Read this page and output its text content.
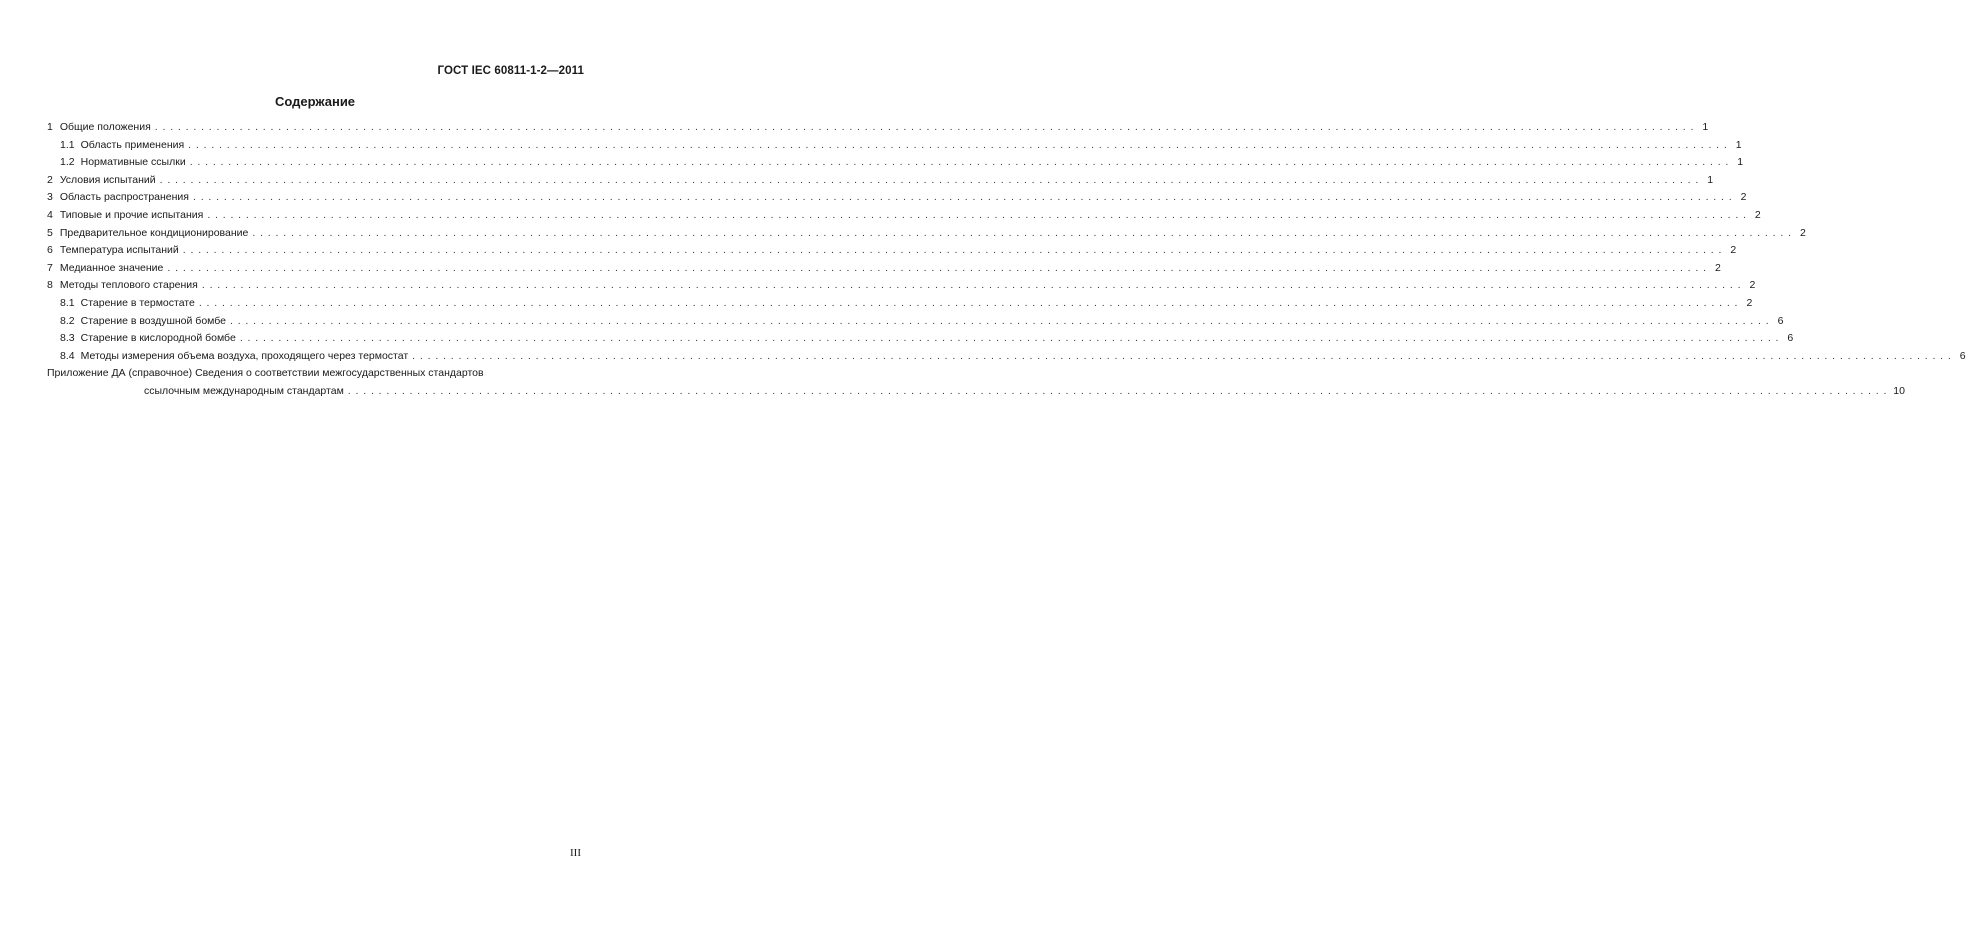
ГОСТ IEC 60811-1-2—2011
Содержание
1 Общие положения ........................................................................................................................................................................................................ 1
1.1 Область применения ........................................................................................................................................................................................................ 1
1.2 Нормативные ссылки ........................................................................................................................................................................................................ 1
2 Условия испытаний ........................................................................................................................................................................................................ 1
3 Область распространения ........................................................................................................................................................................................................ 2
4 Типовые и прочие испытания ........................................................................................................................................................................................................ 2
5 Предварительное кондиционирование ........................................................................................................................................................................................................ 2
6 Температура испытаний ........................................................................................................................................................................................................ 2
7 Медианное значение ........................................................................................................................................................................................................ 2
8 Методы теплового старения ........................................................................................................................................................................................................ 2
8.1 Старение в термостате ........................................................................................................................................................................................................ 2
8.2 Старение в воздушной бомбе ........................................................................................................................................................................................................ 6
8.3 Старение в кислородной бомбе ........................................................................................................................................................................................................ 6
8.4 Методы измерения объема воздуха, проходящего через термостат ........................................................................................................................................................................................................ 6
Приложение ДА (справочное) Сведения о соответствии межгосударственных стандартов
ссылочным международным стандартам ........................................................................................................................................................................................................ 10
III
